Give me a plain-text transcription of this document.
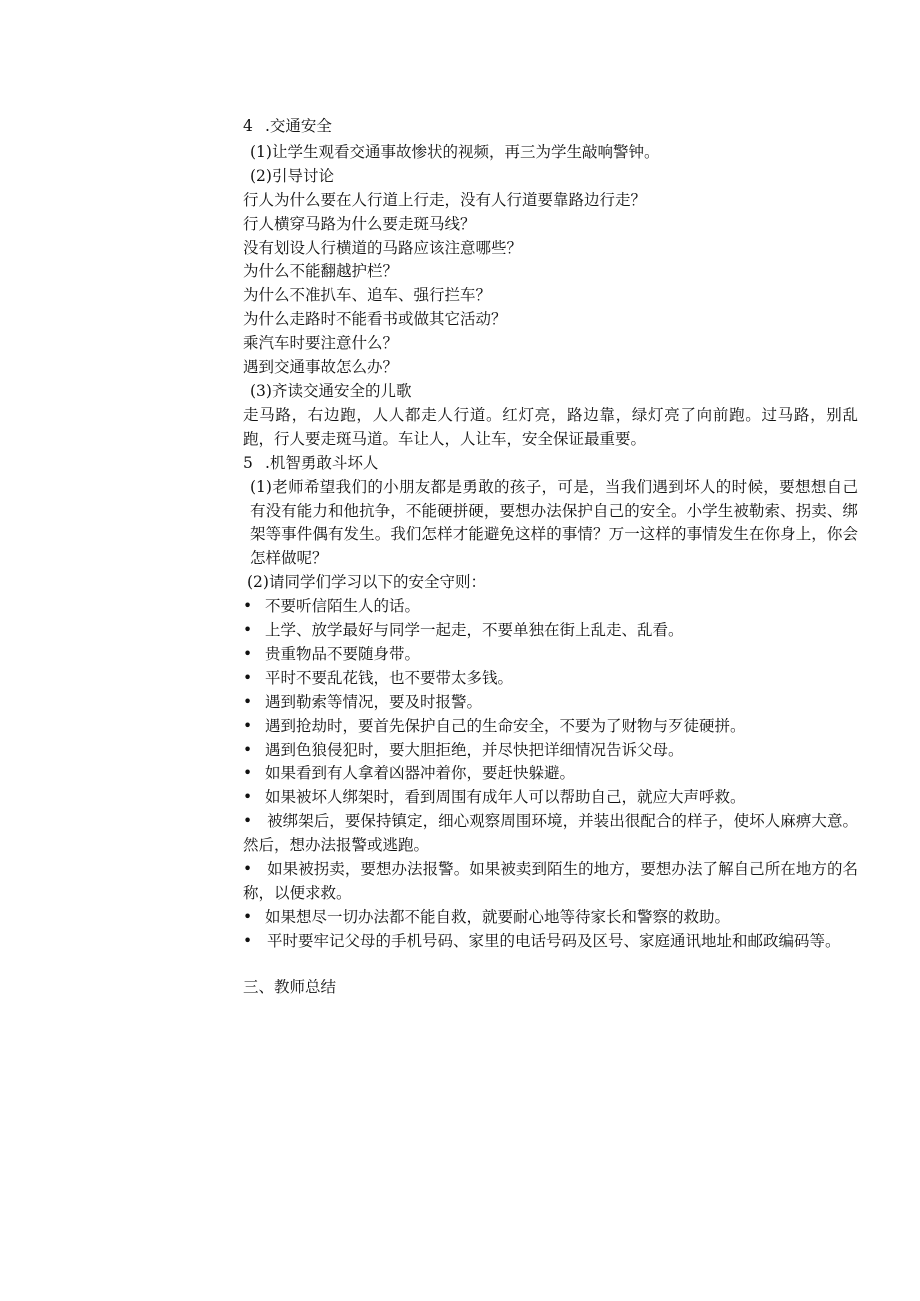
4 .交通安全

(1)让学生观看交通事故惨状的视频，再三为学生敲响警钟。

(2)引导讨论

行人为什么要在人行道上行走，没有人行道要靠路边行走？

行人横穿马路为什么要走斑马线？

没有划设人行横道的马路应该注意哪些？

为什么不能翻越护栏？

为什么不准扒车、追车、强行拦车？

为什么走路时不能看书或做其它活动？

乘汽车时要注意什么？

遇到交通事故怎么办？

(3)齐读交通安全的儿歌

走马路，右边跑，人人都走人行道。红灯亮，路边靠，绿灯亮了向前跑。过马路，别乱跑，行人要走斑马道。车让人，人让车，安全保证最重要。

5 .机智勇敢斗坏人

(1)老师希望我们的小朋友都是勇敢的孩子，可是，当我们遇到坏人的时候，要想想自己有没有能力和他抗争，不能硬拼硬，要想办法保护自己的安全。小学生被勒索、拐卖、绑架等事件偶有发生。我们怎样才能避免这样的事情？万一这样的事情发生在你身上，你会怎样做呢？

(2)请同学们学习以下的安全守则：

• 不要听信陌生人的话。

• 上学、放学最好与同学一起走，不要单独在街上乱走、乱看。

• 贵重物品不要随身带。

• 平时不要乱花钱，也不要带太多钱。

• 遇到勒索等情况，要及时报警。

• 遇到抢劫时，要首先保护自己的生命安全，不要为了财物与歹徒硬拼。

• 遇到色狼侵犯时，要大胆拒绝，并尽快把详细情况告诉父母。

• 如果看到有人拿着凶器冲着你，要赶快躲避。

• 如果被坏人绑架时，看到周围有成年人可以帮助自己，就应大声呼救。

• 被绑架后，要保持镇定，细心观察周围环境，并装出很配合的样子，使坏人麻痹大意。然后，想办法报警或逃跑。

• 如果被拐卖，要想办法报警。如果被卖到陌生的地方，要想办法了解自己所在地方的名称，以便求救。

• 如果想尽一切办法都不能自救，就要耐心地等待家长和警察的救助。

• 平时要牢记父母的手机号码、家里的电话号码及区号、家庭通讯地址和邮政编码等。

三、教师总结
